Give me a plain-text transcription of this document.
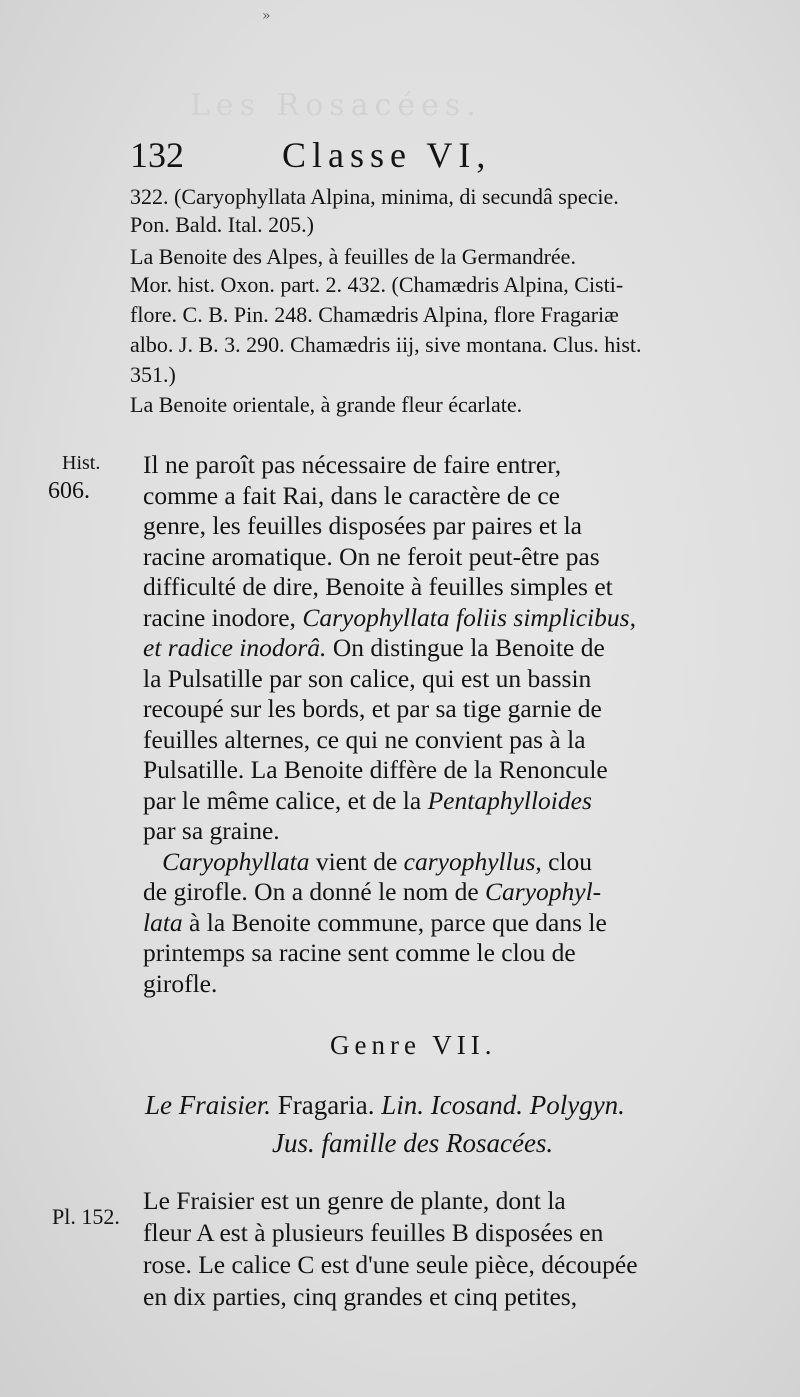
»
Les Rosacées.
132	Classe VI,
322. (Caryophyllata Alpina, minima, di secundâ specie.
Pon. Bald. Ital. 205.)
La Benoite des Alpes, à feuilles de la Germandrée.
Mor. hist. Oxon. part. 2. 432. (Chamædris Alpina, Cisti-
flore. C. B. Pin. 248. Chamædris Alpina, flore Fragariæ
albo. J. B. 3. 290. Chamædris iij, sive montana. Clus. hist.
351.)
La Benoite orientale, à grande fleur écarlate.
Hist.
606.
Il ne paroît pas nécessaire de faire entrer,
comme a fait Rai, dans le caractère de ce
genre, les feuilles disposées par paires et la
racine aromatique. On ne feroit peut-être pas
difficulté de dire, Benoite à feuilles simples et
racine inodore, Caryophyllata foliis simplicibus,
et radice inodorâ. On distingue la Benoite de
la Pulsatille par son calice, qui est un bassin
recoupé sur les bords, et par sa tige garnie de
feuilles alternes, ce qui ne convient pas à la
Pulsatille. La Benoite diffère de la Renoncule
par le même calice, et de la Pentaphylloides
par sa graine.
Caryophyllata vient de caryophyllus, clou
de girofle. On a donné le nom de Caryophyl-
lata à la Benoite commune, parce que dans le
printemps sa racine sent comme le clou de
girofle.
Genre VII.
Le Fraisier. Fragaria. Lin. Icosand. Polygyn.
Jus. famille des Rosacées.
Pl. 152.
Le Fraisier est un genre de plante, dont la
fleur A est à plusieurs feuilles B disposées en
rose. Le calice C est d'une seule pièce, découpée
en dix parties, cinq grandes et cinq petites,
